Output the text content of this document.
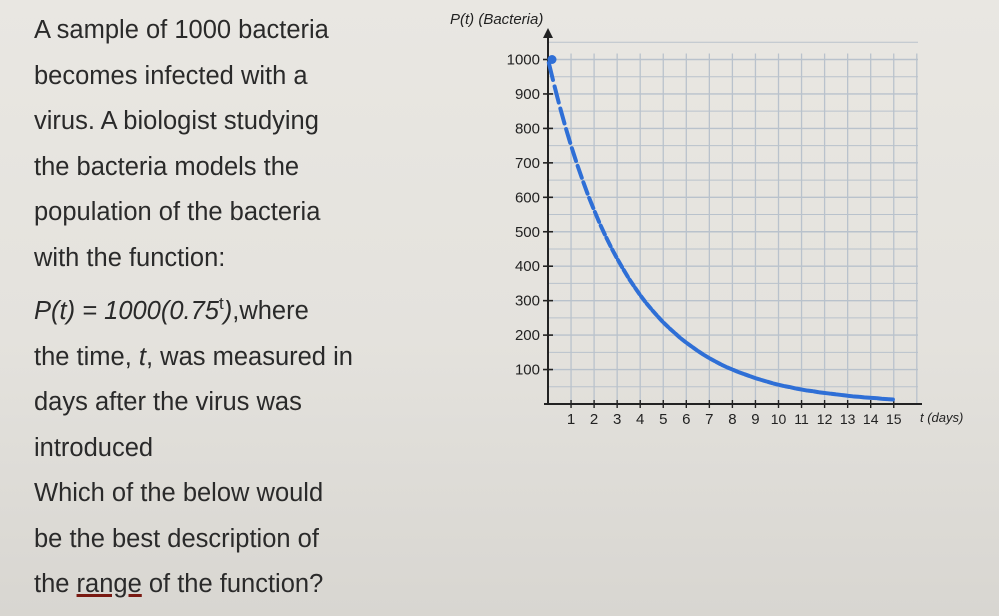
A sample of 1000 bacteria
becomes infected with a
virus. A biologist studying
the bacteria models the
population of the bacteria
with the function:
$P(t) = 1000(0.75^t),where$
the time, t, was measured in
days after the virus was
introduced
Which of the below would
be the best description of
the range of the function?
100
200
300
400
500
600
700
800
900
1000
1 2 3 4 5 6 7 8 9 10 11 12 13 14 15
P(t) (Bacteria)
t (days)
